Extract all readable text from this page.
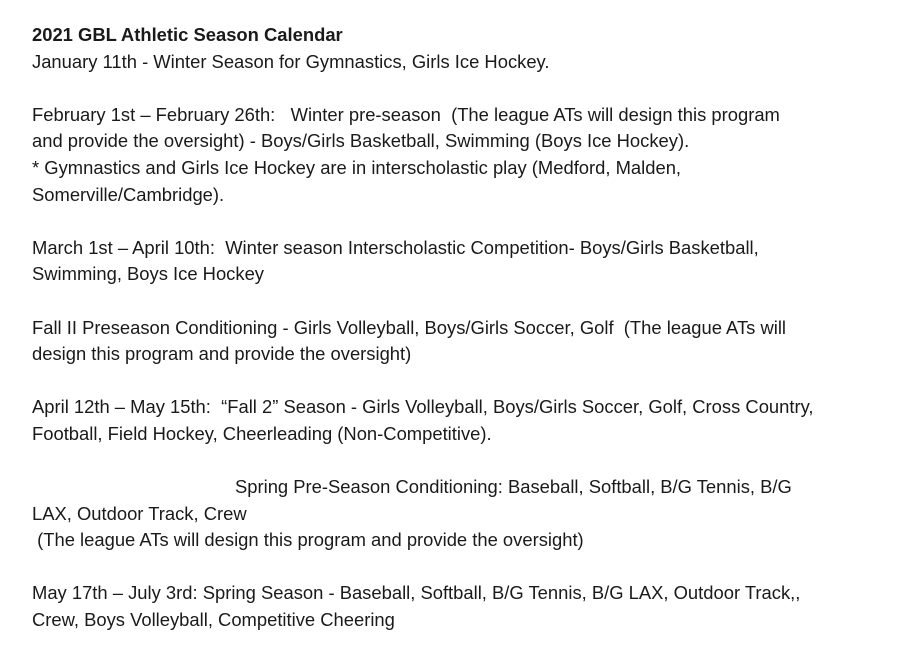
2021 GBL Athletic Season Calendar

January 11th - Winter Season for Gymnastics, Girls Ice Hockey.

February 1st – February 26th:   Winter pre-season  (The league ATs will design this program

and provide the oversight) - Boys/Girls Basketball, Swimming (Boys Ice Hockey).

* Gymnastics and Girls Ice Hockey are in interscholastic play (Medford, Malden,

Somerville/Cambridge).

March 1st – April 10th:  Winter season Interscholastic Competition- Boys/Girls Basketball,

Swimming, Boys Ice Hockey

Fall II Preseason Conditioning - Girls Volleyball, Boys/Girls Soccer, Golf  (The league ATs will

design this program and provide the oversight)

April 12th – May 15th:  “Fall 2” Season - Girls Volleyball, Boys/Girls Soccer, Golf, Cross Country,

Football, Field Hockey, Cheerleading (Non-Competitive).

Spring Pre-Season Conditioning: Baseball, Softball, B/G Tennis, B/G

LAX, Outdoor Track, Crew

(The league ATs will design this program and provide the oversight)

May 17th – July 3rd: Spring Season - Baseball, Softball, B/G Tennis, B/G LAX, Outdoor Track,,

Crew, Boys Volleyball, Competitive Cheering
